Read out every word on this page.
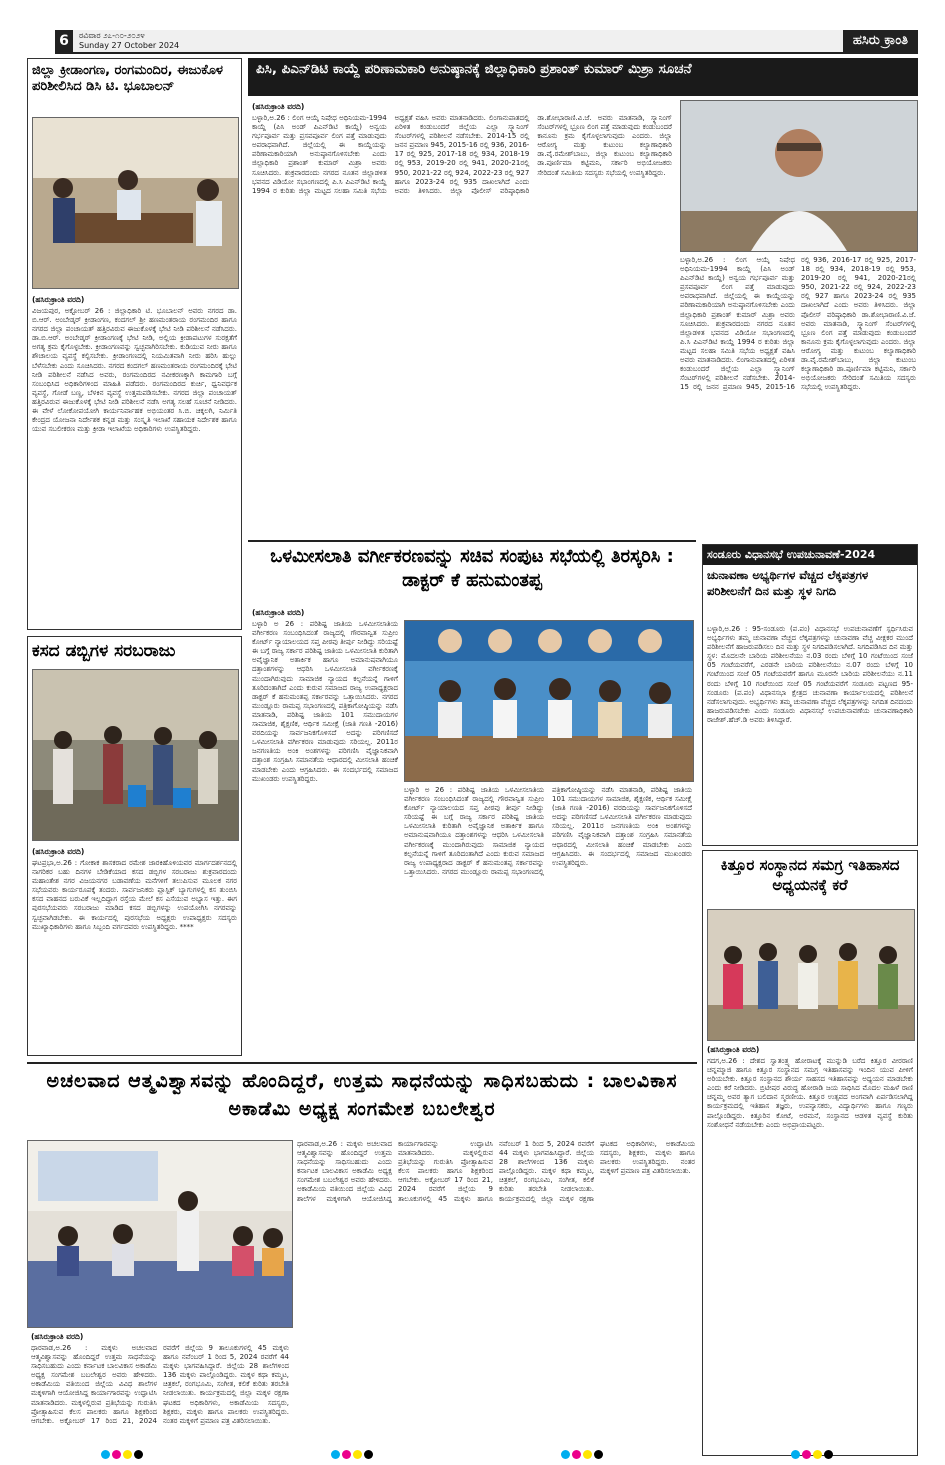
6	ರವಿವಾರ ೨೭-೧೦-೨೦೨೪
Sunday 27 October 2024	ಹಸಿರು ಕ್ರಾಂತಿ
ಜಿಲ್ಲಾ ಕ್ರೀಡಾಂಗಣ, ರಂಗಮಂದಿರ, ಈಜುಕೊಳ ಪರಿಶೀಲಿಸಿದ ಡಿಸಿ ಟಿ. ಭೂಬಾಲನ್
(ಹಸಿರುಕ್ರಾಂತಿ ವರದಿ)
ವಿಜಯಪುರ, ಅಕ್ಟೋಬರ್ 26 : ಜಿಲ್ಲಾಧಿಕಾರಿ ಟಿ. ಭೂಬಾಲನ್ ಅವರು ನಗರದ ಡಾ. ಬಿ.ಆರ್. ಅಂಬೇಡ್ಕರ್ ಕ್ರೀಡಾಂಗಣ, ಕಂದಗಲ್ ಶ್ರೀ ಹಣಮಂತರಾಯ ರಂಗಮಂದಿರ ಹಾಗೂ ನಗರದ ಜಿಲ್ಲಾ ಪಂಚಾಯತ್ ಹತ್ತಿರವಿರುವ ಈಜುಕೊಳಕ್ಕೆ ಭೇಟಿ ನೀಡಿ ಪರಿಶೀಲನೆ ನಡೆಸಿದರು. ಡಾ.ಬಿ.ಆರ್. ಅಂಬೇಡ್ಕರ್ ಕ್ರೀಡಾಂಗಣಕ್ಕೆ ಭೇಟಿ ನೀಡಿ, ಅಲ್ಲಿಯ ಕ್ರೀಡಾಪಟುಗಳ ಸುರಕ್ಷತೆಗೆ ಅಗತ್ಯ ಕ್ರಮ ಕೈಗೊಳ್ಳಬೇಕು. ಕ್ರೀಡಾಂಗಣವನ್ನು ಸ್ವಚ್ಛವಾಗಿರಿಸಬೇಕು. ಕುಡಿಯುವ ನೀರು ಹಾಗೂ ಶೌಚಾಲಯ ವ್ಯವಸ್ಥೆ ಕಲ್ಪಿಸಬೇಕು. ಕ್ರೀಡಾಂಗಣದಲ್ಲಿ ನಿಯಮಿತವಾಗಿ ನೀರು ಹರಿಸಿ ಹುಲ್ಲು ಬೆಳೆಸಬೇಕು ಎಂದು ಸೂಚಿಸಿದರು. ನಗರದ ಕಂದಗಲ್ ಹಣಮಂತರಾಯ ರಂಗಮಂದಿರಕ್ಕೆ ಭೇಟಿ ನೀಡಿ ಪರಿಶೀಲನೆ ನಡೆಸಿದ ಅವರು, ರಂಗಮಂದಿರದ ನವೀಕರಣಕ್ಕಾಗಿ ಕಾಮಗಾರಿ ಬಗ್ಗೆ ಸಂಬಂಧಿಸಿದ ಅಧಿಕಾರಿಗಳಿಂದ ಮಾಹಿತಿ ಪಡೆದರು. ರಂಗಮಂದಿರದ ಕುರ್ಚಿ, ಧ್ವನಿವರ್ಧಕ ವ್ಯವಸ್ಥೆ, ಗೋಡೆ ಬಣ್ಣ, ಬೆಳಕಿನ ವ್ಯವಸ್ಥೆ ಉತ್ತಮಪಡಿಸಬೇಕು. ನಗರದ ಜಿಲ್ಲಾ ಪಂಚಾಯತ್ ಹತ್ತಿರವಿರುವ ಈಜುಕೊಳಕ್ಕೆ ಭೇಟಿ ನೀಡಿ ಪರಿಶೀಲನೆ ನಡೆಸಿ ಅಗತ್ಯ ಸಲಹೆ ಸೂಚನೆ ನೀಡಿದರು. ಈ ವೇಳೆ ಲೋಕೋಪಯೋಗಿ ಕಾರ್ಯನಿರ್ವಾಹಕ ಅಭಿಯಂತರ ಸಿ.ಬಿ. ಚಿಕ್ಕಲಗಿ, ನಿರ್ಮಿತಿ ಕೇಂದ್ರದ ಯೋಜನಾ ನಿರ್ದೇಶಕ ಕನ್ನಡ ಮತ್ತು ಸಂಸ್ಕೃತಿ ಇಲಾಖೆ ಸಹಾಯಕ ನಿರ್ದೇಶಕ ಹಾಗೂ ಯುವ ಸಬಲೀಕರಣ ಮತ್ತು ಕ್ರೀಡಾ ಇಲಾಖೆಯ ಅಧಿಕಾರಿಗಳು ಉಪಸ್ಥಿತರಿದ್ದರು.
ಕಸದ ಡಬ್ಬಿಗಳ ಸರಬರಾಜು
(ಹಸಿರುಕ್ರಾಂತಿ ವರದಿ)
ಘಟಪ್ರಭಾ,ಅ.26 : ಗೋಕಾಕ ಶಾಸಕರಾದ ರಮೇಶ ಜಾರಕಿಹೊಳಿಯವರ ಮಾರ್ಗದರ್ಶನದಲ್ಲಿ ನಾಗರಿಕರ ಬಹು ದಿನಗಳ ಬೇಡಿಕೆಯಾದ ಕಸದ ಡಬ್ಬಿಗಳ ಸರಬರಾಜು ಶುಕ್ರವಾರದಂದು ಮಹಾಂತೇಶ ನಗರ ವಿಜಯನಗರ ಬಡಾವಣೆಯ ಮನೆಗಳಿಗೆ ತಲುಪಿಸುವ ಮೂಲಕ ನಗರ ಸಭೆಯವರು ಕಾರ್ಯರೂಪಕ್ಕೆ ತಂದರು. ಸಾರ್ವಜನಿಕರು ಪ್ಲಾಸ್ಟಿಕ್ ಬ್ಯಾಗುಗಳಲ್ಲಿ ಕಸ ತುಂಬಿಸಿ ಕಸದ ವಾಹನದ ಬರುವಿಕೆ ಇಲ್ಲದಿದ್ದಾಗ ರಸ್ತೆಯ ಮೇಲೆ ಕಸ ಎಸೆಯುವ ಅಭ್ಯಾಸ ಇತ್ತು. ಈಗ ಪುರಸಭೆಯವರು ಸರಬರಾಜು ಮಾಡಿದ ಕಸದ ಡಬ್ಬಿಗಳನ್ನು ಉಪಯೋಗಿಸಿ ನಗರವನ್ನು ಸ್ವಚ್ಛವಾಗಿಡಬೇಕು. ಈ ಕಾರ್ಯದಲ್ಲಿ ಪುರಸಭೆಯ ಅಧ್ಯಕ್ಷರು ಉಪಾಧ್ಯಕ್ಷರು ಸದಸ್ಯರು ಮುಖ್ಯಾಧಿಕಾರಿಗಳು ಹಾಗೂ ಸಿಬ್ಬಂದಿ ವರ್ಗದವರು ಉಪಸ್ಥಿತರಿದ್ದರು. ****
ಪಿಸಿ, ಪಿಎನ್‌ಡಿಟಿ ಕಾಯ್ದೆ ಪರಿಣಾಮಕಾರಿ ಅನುಷ್ಠಾನಕ್ಕೆ ಜಿಲ್ಲಾಧಿಕಾರಿ ಪ್ರಶಾಂತ್ ಕುಮಾರ್ ಮಿಶ್ರಾ ಸೂಚನೆ
(ಹಸಿರುಕ್ರಾಂತಿ ವರದಿ)
ಬಳ್ಳಾರಿ,ಅ.26 : ಲಿಂಗ ಆಯ್ಕೆ ನಿಷೇಧ ಅಧಿನಿಯಮ-1994 ಕಾಯ್ದೆ (ಪಿಸಿ ಅಂಡ್ ಪಿಎನ್‌ಡಿಟಿ ಕಾಯ್ದೆ) ಅನ್ವಯ ಗರ್ಭಪೂರ್ವ ಮತ್ತು ಪ್ರಸವಪೂರ್ವ ಲಿಂಗ ಪತ್ತೆ ಮಾಡುವುದು ಅಪರಾಧವಾಗಿದೆ. ಜಿಲ್ಲೆಯಲ್ಲಿ ಈ ಕಾಯ್ದೆಯನ್ನು ಪರಿಣಾಮಕಾರಿಯಾಗಿ ಅನುಷ್ಠಾನಗೊಳಿಸಬೇಕು ಎಂದು ಜಿಲ್ಲಾಧಿಕಾರಿ ಪ್ರಶಾಂತ್ ಕುಮಾರ್ ಮಿಶ್ರಾ ಅವರು ಸೂಚಿಸಿದರು. ಶುಕ್ರವಾರದಂದು ನಗರದ ನೂತನ ಜಿಲ್ಲಾಡಳಿತ ಭವನದ ವಿಡಿಯೋ ಸಭಾಂಗಣದಲ್ಲಿ ಪಿ.ಸಿ ಪಿಎನ್‌ಡಿಟಿ ಕಾಯ್ದೆ 1994 ರ ಕುರಿತು ಜಿಲ್ಲಾ ಮಟ್ಟದ ಸಲಹಾ ಸಮಿತಿ ಸಭೆಯ ಅಧ್ಯಕ್ಷತೆ ವಹಿಸಿ ಅವರು ಮಾತನಾಡಿದರು. ಲಿಂಗಾನುಪಾತದಲ್ಲಿ ಏರಿಳಿತ ಕಂಡುಬಂದರೆ ಜಿಲ್ಲೆಯ ಎಲ್ಲಾ ಸ್ಕ್ಯಾನಿಂಗ್ ಸೆಂಟರ್‌ಗಳಲ್ಲಿ ಪರಿಶೀಲನೆ ನಡೆಸಬೇಕು. 2014-15 ರಲ್ಲಿ ಜನನ ಪ್ರಮಾಣ 945, 2015-16 ರಲ್ಲಿ 936, 2016-17 ರಲ್ಲಿ 925, 2017-18 ರಲ್ಲಿ 934, 2018-19 ರಲ್ಲಿ 953, 2019-20 ರಲ್ಲಿ 941, 2020-21ರಲ್ಲಿ 950, 2021-22 ರಲ್ಲಿ 924, 2022-23 ರಲ್ಲಿ 927 ಹಾಗೂ 2023-24 ರಲ್ಲಿ 935 ದಾಖಲಾಗಿದೆ ಎಂದು ಅವರು ತಿಳಿಸಿದರು. ಜಿಲ್ಲಾ ಪೊಲೀಸ್ ವರಿಷ್ಠಾಧಿಕಾರಿ ಡಾ.ಶೋಭಾರಾಣಿ.ವಿ.ಜೆ. ಅವರು ಮಾತನಾಡಿ, ಸ್ಕ್ಯಾನಿಂಗ್ ಸೆಂಟರ್‌ಗಳಲ್ಲಿ ಭ್ರೂಣ ಲಿಂಗ ಪತ್ತೆ ಮಾಡುವುದು ಕಂಡುಬಂದರೆ ಕಾನೂನು ಕ್ರಮ ಕೈಗೊಳ್ಳಲಾಗುವುದು ಎಂದರು. ಜಿಲ್ಲಾ ಆರೋಗ್ಯ ಮತ್ತು ಕುಟುಂಬ ಕಲ್ಯಾಣಾಧಿಕಾರಿ ಡಾ.ವೈ.ರಮೇಶ್‌ಬಾಬು, ಜಿಲ್ಲಾ ಕುಟುಂಬ ಕಲ್ಯಾಣಾಧಿಕಾರಿ ಡಾ.ಪೂರ್ಣಿಮಾ ಕಟ್ಟಿಮನಿ, ಸರ್ಕಾರಿ ಅಭಿಯೋಜಕರು ಸೇರಿದಂತೆ ಸಮಿತಿಯ ಸದಸ್ಯರು ಸಭೆಯಲ್ಲಿ ಉಪಸ್ಥಿತರಿದ್ದರು.
ಬಳ್ಳಾರಿ,ಅ.26 : ಲಿಂಗ ಆಯ್ಕೆ ನಿಷೇಧ ಅಧಿನಿಯಮ-1994 ಕಾಯ್ದೆ (ಪಿಸಿ ಅಂಡ್ ಪಿಎನ್‌ಡಿಟಿ ಕಾಯ್ದೆ) ಅನ್ವಯ ಗರ್ಭಪೂರ್ವ ಮತ್ತು ಪ್ರಸವಪೂರ್ವ ಲಿಂಗ ಪತ್ತೆ ಮಾಡುವುದು ಅಪರಾಧವಾಗಿದೆ. ಜಿಲ್ಲೆಯಲ್ಲಿ ಈ ಕಾಯ್ದೆಯನ್ನು ಪರಿಣಾಮಕಾರಿಯಾಗಿ ಅನುಷ್ಠಾನಗೊಳಿಸಬೇಕು ಎಂದು ಜಿಲ್ಲಾಧಿಕಾರಿ ಪ್ರಶಾಂತ್ ಕುಮಾರ್ ಮಿಶ್ರಾ ಅವರು ಸೂಚಿಸಿದರು. ಶುಕ್ರವಾರದಂದು ನಗರದ ನೂತನ ಜಿಲ್ಲಾಡಳಿತ ಭವನದ ವಿಡಿಯೋ ಸಭಾಂಗಣದಲ್ಲಿ ಪಿ.ಸಿ ಪಿಎನ್‌ಡಿಟಿ ಕಾಯ್ದೆ 1994 ರ ಕುರಿತು ಜಿಲ್ಲಾ ಮಟ್ಟದ ಸಲಹಾ ಸಮಿತಿ ಸಭೆಯ ಅಧ್ಯಕ್ಷತೆ ವಹಿಸಿ ಅವರು ಮಾತನಾಡಿದರು. ಲಿಂಗಾನುಪಾತದಲ್ಲಿ ಏರಿಳಿತ ಕಂಡುಬಂದರೆ ಜಿಲ್ಲೆಯ ಎಲ್ಲಾ ಸ್ಕ್ಯಾನಿಂಗ್ ಸೆಂಟರ್‌ಗಳಲ್ಲಿ ಪರಿಶೀಲನೆ ನಡೆಸಬೇಕು. 2014-15 ರಲ್ಲಿ ಜನನ ಪ್ರಮಾಣ 945, 2015-16 ರಲ್ಲಿ 936, 2016-17 ರಲ್ಲಿ 925, 2017-18 ರಲ್ಲಿ 934, 2018-19 ರಲ್ಲಿ 953, 2019-20 ರಲ್ಲಿ 941, 2020-21ರಲ್ಲಿ 950, 2021-22 ರಲ್ಲಿ 924, 2022-23 ರಲ್ಲಿ 927 ಹಾಗೂ 2023-24 ರಲ್ಲಿ 935 ದಾಖಲಾಗಿದೆ ಎಂದು ಅವರು ತಿಳಿಸಿದರು. ಜಿಲ್ಲಾ ಪೊಲೀಸ್ ವರಿಷ್ಠಾಧಿಕಾರಿ ಡಾ.ಶೋಭಾರಾಣಿ.ವಿ.ಜೆ. ಅವರು ಮಾತನಾಡಿ, ಸ್ಕ್ಯಾನಿಂಗ್ ಸೆಂಟರ್‌ಗಳಲ್ಲಿ ಭ್ರೂಣ ಲಿಂಗ ಪತ್ತೆ ಮಾಡುವುದು ಕಂಡುಬಂದರೆ ಕಾನೂನು ಕ್ರಮ ಕೈಗೊಳ್ಳಲಾಗುವುದು ಎಂದರು. ಜಿಲ್ಲಾ ಆರೋಗ್ಯ ಮತ್ತು ಕುಟುಂಬ ಕಲ್ಯಾಣಾಧಿಕಾರಿ ಡಾ.ವೈ.ರಮೇಶ್‌ಬಾಬು, ಜಿಲ್ಲಾ ಕುಟುಂಬ ಕಲ್ಯಾಣಾಧಿಕಾರಿ ಡಾ.ಪೂರ್ಣಿಮಾ ಕಟ್ಟಿಮನಿ, ಸರ್ಕಾರಿ ಅಭಿಯೋಜಕರು ಸೇರಿದಂತೆ ಸಮಿತಿಯ ಸದಸ್ಯರು ಸಭೆಯಲ್ಲಿ ಉಪಸ್ಥಿತರಿದ್ದರು.
ಒಳಮೀಸಲಾತಿ ವರ್ಗೀಕರಣವನ್ನು ಸಚಿವ ಸಂಪುಟ ಸಭೆಯಲ್ಲಿ ತಿರಸ್ಕರಿಸಿ : ಡಾಕ್ಟರ್ ಕೆ ಹನುಮಂತಪ್ಪ
(ಹಸಿರುಕ್ರಾಂತಿ ವರದಿ)
ಬಳ್ಳಾರಿ ಅ 26 : ಪರಿಶಿಷ್ಟ ಜಾತಿಯ ಒಳಮೀಸಲಾತಿಯ ವರ್ಗೀಕರಣ ಸಂಬಂಧಿಸಿದಂತೆ ರಾಜ್ಯದಲ್ಲಿ ಗೌರವಾನ್ವಿತ ಸುಪ್ರೀಂ ಕೋರ್ಟ್ ನ್ಯಾಯಾಲಯದ ಸಪ್ತ ಪೀಠವು ತೀರ್ಪು ನೀಡಿದ್ದು ಸರಿಯಷ್ಟೆ ಈ ಬಗ್ಗೆ ರಾಜ್ಯ ಸರ್ಕಾರ ಪರಿಶಿಷ್ಟ ಜಾತಿಯ ಒಳಮೀಸಲಾತಿ ಕುರಿತಾಗಿ ಅವೈಜ್ಞಾನಿಕ ಅತಾರ್ಕಿಕ ಹಾಗೂ ಅಮಾನುಷವಾಗಿಯೂ ದತ್ತಾಂಶಗಳನ್ನು ಆಧರಿಸಿ ಒಳಮೀಸಲಾತಿ ವರ್ಗೀಕರಣಕ್ಕೆ ಮುಂದಾಗಿರುವುದು ಸಾಮಾಜಿಕ ನ್ಯಾಯದ ಕಲ್ಪನೆಯನ್ನೆ ಗಾಳಿಗೆ ತೂರಿದಂತಾಗಿದೆ ಎಂದು ಕುರುವ ಸಮಾಜದ ರಾಜ್ಯ ಉಪಾಧ್ಯಕ್ಷರಾದ ಡಾಕ್ಟರ್ ಕೆ ಹನುಮಂತಪ್ಪ ಸರ್ಕಾರವನ್ನು ಒತ್ತಾಯಿಸಿದರು. ನಗರದ ಮುಂಡ್ಲೂರು ರಾಮಪ್ಪ ಸಭಾಂಗಣದಲ್ಲಿ ಪತ್ರಿಕಾಗೋಷ್ಠಿಯನ್ನು ನಡೆಸಿ ಮಾತನಾಡಿ, ಪರಿಶಿಷ್ಟ ಜಾತಿಯ 101 ಸಮುದಾಯಗಳ ಸಾಮಾಜಿಕ, ಶೈಕ್ಷಣಿಕ, ಆರ್ಥಿಕ ಸಮೀಕ್ಷೆ (ಜಾತಿ ಗಣತಿ -2016) ವರದಿಯನ್ನು ಸಾರ್ವಜನಿಕಗೊಳಿಸದೆ ಅದನ್ನು ಪರಿಗಣಿಸದೆ ಒಳಮೀಸಲಾತಿ ವರ್ಗೀಕರಣ ಮಾಡುವುದು ಸರಿಯಲ್ಲ. 2011ರ ಜನಗಣತಿಯ ಅಂಕಿ ಅಂಶಗಳನ್ನು ಪರಿಗಣಿಸಿ ವೈಜ್ಞಾನಿಕವಾಗಿ ದತ್ತಾಂಶ ಸಂಗ್ರಹಿಸಿ ಸಮಾನತೆಯ ಆಧಾರದಲ್ಲಿ ಮೀಸಲಾತಿ ಹಂಚಿಕೆ ಮಾಡಬೇಕು ಎಂದು ಆಗ್ರಹಿಸಿದರು. ಈ ಸಂದರ್ಭದಲ್ಲಿ ಸಮಾಜದ ಮುಖಂಡರು ಉಪಸ್ಥಿತರಿದ್ದರು.
ಬಳ್ಳಾರಿ ಅ 26 : ಪರಿಶಿಷ್ಟ ಜಾತಿಯ ಒಳಮೀಸಲಾತಿಯ ವರ್ಗೀಕರಣ ಸಂಬಂಧಿಸಿದಂತೆ ರಾಜ್ಯದಲ್ಲಿ ಗೌರವಾನ್ವಿತ ಸುಪ್ರೀಂ ಕೋರ್ಟ್ ನ್ಯಾಯಾಲಯದ ಸಪ್ತ ಪೀಠವು ತೀರ್ಪು ನೀಡಿದ್ದು ಸರಿಯಷ್ಟೆ ಈ ಬಗ್ಗೆ ರಾಜ್ಯ ಸರ್ಕಾರ ಪರಿಶಿಷ್ಟ ಜಾತಿಯ ಒಳಮೀಸಲಾತಿ ಕುರಿತಾಗಿ ಅವೈಜ್ಞಾನಿಕ ಅತಾರ್ಕಿಕ ಹಾಗೂ ಅಮಾನುಷವಾಗಿಯೂ ದತ್ತಾಂಶಗಳನ್ನು ಆಧರಿಸಿ ಒಳಮೀಸಲಾತಿ ವರ್ಗೀಕರಣಕ್ಕೆ ಮುಂದಾಗಿರುವುದು ಸಾಮಾಜಿಕ ನ್ಯಾಯದ ಕಲ್ಪನೆಯನ್ನೆ ಗಾಳಿಗೆ ತೂರಿದಂತಾಗಿದೆ ಎಂದು ಕುರುವ ಸಮಾಜದ ರಾಜ್ಯ ಉಪಾಧ್ಯಕ್ಷರಾದ ಡಾಕ್ಟರ್ ಕೆ ಹನುಮಂತಪ್ಪ ಸರ್ಕಾರವನ್ನು ಒತ್ತಾಯಿಸಿದರು. ನಗರದ ಮುಂಡ್ಲೂರು ರಾಮಪ್ಪ ಸಭಾಂಗಣದಲ್ಲಿ ಪತ್ರಿಕಾಗೋಷ್ಠಿಯನ್ನು ನಡೆಸಿ ಮಾತನಾಡಿ, ಪರಿಶಿಷ್ಟ ಜಾತಿಯ 101 ಸಮುದಾಯಗಳ ಸಾಮಾಜಿಕ, ಶೈಕ್ಷಣಿಕ, ಆರ್ಥಿಕ ಸಮೀಕ್ಷೆ (ಜಾತಿ ಗಣತಿ -2016) ವರದಿಯನ್ನು ಸಾರ್ವಜನಿಕಗೊಳಿಸದೆ ಅದನ್ನು ಪರಿಗಣಿಸದೆ ಒಳಮೀಸಲಾತಿ ವರ್ಗೀಕರಣ ಮಾಡುವುದು ಸರಿಯಲ್ಲ. 2011ರ ಜನಗಣತಿಯ ಅಂಕಿ ಅಂಶಗಳನ್ನು ಪರಿಗಣಿಸಿ ವೈಜ್ಞಾನಿಕವಾಗಿ ದತ್ತಾಂಶ ಸಂಗ್ರಹಿಸಿ ಸಮಾನತೆಯ ಆಧಾರದಲ್ಲಿ ಮೀಸಲಾತಿ ಹಂಚಿಕೆ ಮಾಡಬೇಕು ಎಂದು ಆಗ್ರಹಿಸಿದರು. ಈ ಸಂದರ್ಭದಲ್ಲಿ ಸಮಾಜದ ಮುಖಂಡರು ಉಪಸ್ಥಿತರಿದ್ದರು.
ಸಂಡೂರು ವಿಧಾನಸಭೆ ಉಪಚುನಾವಣೆ-2024
ಚುನಾವಣಾ ಅಭ್ಯರ್ಥಿಗಳ ವೆಚ್ಚದ ಲೆಕ್ಕಪತ್ರಗಳ ಪರಿಶೀಲನೆಗೆ ದಿನ ಮತ್ತು ಸ್ಥಳ ನಿಗದಿ
ಬಳ್ಳಾರಿ,ಅ.26 : 95-ಸಂಡೂರು (ಪ.ಪಂ) ವಿಧಾನಸಭೆ ಉಪಚುನಾವಣೆಗೆ ಸ್ಪರ್ಧಿಸಿರುವ ಅಭ್ಯರ್ಥಿಗಳು ತಮ್ಮ ಚುನಾವಣಾ ವೆಚ್ಚದ ಲೆಕ್ಕಪತ್ರಗಳನ್ನು ಚುನಾವಣಾ ವೆಚ್ಚ ವೀಕ್ಷಕರ ಮುಂದೆ ಪರಿಶೀಲನೆಗೆ ಹಾಜರುಪಡಿಸಲು ದಿನ ಮತ್ತು ಸ್ಥಳ ನಿಗದಿಪಡಿಸಲಾಗಿದೆ. ನಿಗದಿಪಡಿಸಿದ ದಿನ ಮತ್ತು ಸ್ಥಳ: ಮೊದಲನೇ ಬಾರಿಯ ಪರಿಶೀಲನೆಯು ನ.03 ರಂದು ಬೆಳಿಗ್ಗೆ 10 ಗಂಟೆಯಿಂದ ಸಂಜೆ 05 ಗಂಟೆಯವರೆಗೆ, ಎರಡನೇ ಬಾರಿಯ ಪರಿಶೀಲನೆಯು ನ.07 ರಂದು ಬೆಳಿಗ್ಗೆ 10 ಗಂಟೆಯಿಂದ ಸಂಜೆ 05 ಗಂಟೆಯವರೆಗೆ ಹಾಗೂ ಮೂರನೇ ಬಾರಿಯ ಪರಿಶೀಲನೆಯು ನ.11 ರಂದು ಬೆಳಿಗ್ಗೆ 10 ಗಂಟೆಯಿಂದ ಸಂಜೆ 05 ಗಂಟೆಯವರೆಗೆ ಸಂಡೂರು ಪಟ್ಟಣದ 95-ಸಂಡೂರು (ಪ.ಪಂ) ವಿಧಾನಸಭಾ ಕ್ಷೇತ್ರದ ಚುನಾವಣಾ ಕಾರ್ಯಾಲಯದಲ್ಲಿ ಪರಿಶೀಲನೆ ನಡೆಸಲಾಗುವುದು. ಅಭ್ಯರ್ಥಿಗಳು ತಮ್ಮ ಚುನಾವಣಾ ವೆಚ್ಚದ ಲೆಕ್ಕಪತ್ರಗಳನ್ನು ನಿಗದಿತ ದಿನದಂದು ಹಾಜರುಪಡಿಸಬೇಕು ಎಂದು ಸಂಡೂರು ವಿಧಾನಸಭೆ ಉಪಚುನಾವಣೆಯ ಚುನಾವಣಾಧಿಕಾರಿ ರಾಜೇಶ್.ಹೆಚ್.ಡಿ ಅವರು ತಿಳಿಸಿದ್ದಾರೆ.
ಕಿತ್ತೂರ ಸಂಸ್ಥಾನದ ಸಮಗ್ರ ಇತಿಹಾಸದ ಅಧ್ಯಯನಕ್ಕೆ ಕರೆ
(ಹಸಿರುಕ್ರಾಂತಿ ವರದಿ)
ಗದಗ,ಅ.26 : ದೇಶದ ಸ್ವಾತಂತ್ರ್ಯ ಹೋರಾಟಕ್ಕೆ ಮುನ್ನುಡಿ ಬರೆದ ಕಿತ್ತೂರ ವೀರರಾಣಿ ಚನ್ನಮ್ಮಾಜಿ ಹಾಗೂ ಕಿತ್ತೂರ ಸಂಸ್ಥಾನದ ಸಮಗ್ರ ಇತಿಹಾಸವನ್ನು ಇಂದಿನ ಯುವ ಪೀಳಿಗೆ ಅರಿಯಬೇಕು. ಕಿತ್ತೂರ ಸಂಸ್ಥಾನದ ಶೌರ್ಯ ಸಾಹಸದ ಇತಿಹಾಸವನ್ನು ಅಧ್ಯಯನ ಮಾಡಬೇಕು ಎಂದು ಕರೆ ನೀಡಿದರು. ಬ್ರಿಟೀಷರ ವಿರುದ್ಧ ಹೋರಾಡಿ ಜಯ ಸಾಧಿಸಿದ ಮೊದಲ ಮಹಿಳೆ ರಾಣಿ ಚನ್ನಮ್ಮ ಅವರ ತ್ಯಾಗ ಬಲಿದಾನ ಸ್ಮರಣೀಯ. ಕಿತ್ತೂರ ಉತ್ಸವದ ಅಂಗವಾಗಿ ಏರ್ಪಡಿಸಲಾಗಿದ್ದ ಕಾರ್ಯಕ್ರಮದಲ್ಲಿ ಇತಿಹಾಸ ತಜ್ಞರು, ಉಪನ್ಯಾಸಕರು, ವಿದ್ಯಾರ್ಥಿಗಳು ಹಾಗೂ ಗಣ್ಯರು ಪಾಲ್ಗೊಂಡಿದ್ದರು. ಕಿತ್ತೂರಿನ ಕೋಟೆ, ಅರಮನೆ, ಸಂಸ್ಥಾನದ ಆಡಳಿತ ವ್ಯವಸ್ಥೆ ಕುರಿತು ಸಂಶೋಧನೆ ನಡೆಯಬೇಕು ಎಂದು ಅಭಿಪ್ರಾಯಪಟ್ಟರು.
ಅಚಲವಾದ ಆತ್ಮವಿಶ್ವಾಸವನ್ನು ಹೊಂದಿದ್ದರೆ, ಉತ್ತಮ ಸಾಧನೆಯನ್ನು ಸಾಧಿಸಬಹುದು : ಬಾಲವಿಕಾಸ ಅಕಾಡೆಮಿ ಅಧ್ಯಕ್ಷ ಸಂಗಮೇಶ ಬಬಲೇಶ್ವರ
(ಹಸಿರುಕ್ರಾಂತಿ ವರದಿ)
ಧಾರವಾಡ,ಅ.26 : ಮಕ್ಕಳು ಅಚಲವಾದ ಆತ್ಮವಿಶ್ವಾಸವನ್ನು ಹೊಂದಿದ್ದರೆ ಉತ್ತಮ ಸಾಧನೆಯನ್ನು ಸಾಧಿಸಬಹುದು ಎಂದು ಕರ್ನಾಟಕ ಬಾಲವಿಕಾಸ ಅಕಾಡೆಮಿ ಅಧ್ಯಕ್ಷ ಸಂಗಮೇಶ ಬಬಲೇಶ್ವರ ಅವರು ಹೇಳಿದರು. ಅಕಾಡೆಮಿಯ ವತಿಯಿಂದ ಜಿಲ್ಲೆಯ ವಿವಿಧ ಶಾಲೆಗಳ ಮಕ್ಕಳಿಗಾಗಿ ಆಯೋಜಿಸಿದ್ದ ಕಾರ್ಯಾಗಾರವನ್ನು ಉದ್ಘಾಟಿಸಿ ಮಾತನಾಡಿದರು. ಮಕ್ಕಳಲ್ಲಿರುವ ಪ್ರತಿಭೆಯನ್ನು ಗುರುತಿಸಿ ಪ್ರೋತ್ಸಾಹಿಸುವ ಕೆಲಸ ಪಾಲಕರು ಹಾಗೂ ಶಿಕ್ಷಕರಿಂದ ಆಗಬೇಕು. ಅಕ್ಟೋಬರ್ 17 ರಿಂದ 21, 2024 ರವರೆಗೆ ಜಿಲ್ಲೆಯ 9 ತಾಲೂಕುಗಳಲ್ಲಿ 45 ಮಕ್ಕಳು ಹಾಗೂ ನವೆಂಬರ್ 1 ರಿಂದ 5, 2024 ರವರೆಗೆ 44 ಮಕ್ಕಳು ಭಾಗವಹಿಸಿದ್ದಾರೆ. ಜಿಲ್ಲೆಯ 28 ಶಾಲೆಗಳಿಂದ 136 ಮಕ್ಕಳು ಪಾಲ್ಗೊಂಡಿದ್ದರು. ಮಕ್ಕಳ ಕಥಾ ಕಮ್ಮಟ, ಚಿತ್ರಕಲೆ, ರಂಗಭೂಮಿ, ಸಂಗೀತ, ಕಲಿಕೆ ಕುರಿತು ತರಬೇತಿ ನೀಡಲಾಯಿತು. ಕಾರ್ಯಕ್ರಮದಲ್ಲಿ ಜಿಲ್ಲಾ ಮಕ್ಕಳ ರಕ್ಷಣಾ ಘಟಕದ ಅಧಿಕಾರಿಗಳು, ಅಕಾಡೆಮಿಯ ಸದಸ್ಯರು, ಶಿಕ್ಷಕರು, ಮಕ್ಕಳು ಹಾಗೂ ಪಾಲಕರು ಉಪಸ್ಥಿತರಿದ್ದರು. ನಂತರ ಮಕ್ಕಳಿಗೆ ಪ್ರಮಾಣ ಪತ್ರ ವಿತರಿಸಲಾಯಿತು.
ಧಾರವಾಡ,ಅ.26 : ಮಕ್ಕಳು ಅಚಲವಾದ ಆತ್ಮವಿಶ್ವಾಸವನ್ನು ಹೊಂದಿದ್ದರೆ ಉತ್ತಮ ಸಾಧನೆಯನ್ನು ಸಾಧಿಸಬಹುದು ಎಂದು ಕರ್ನಾಟಕ ಬಾಲವಿಕಾಸ ಅಕಾಡೆಮಿ ಅಧ್ಯಕ್ಷ ಸಂಗಮೇಶ ಬಬಲೇಶ್ವರ ಅವರು ಹೇಳಿದರು. ಅಕಾಡೆಮಿಯ ವತಿಯಿಂದ ಜಿಲ್ಲೆಯ ವಿವಿಧ ಶಾಲೆಗಳ ಮಕ್ಕಳಿಗಾಗಿ ಆಯೋಜಿಸಿದ್ದ ಕಾರ್ಯಾಗಾರವನ್ನು ಉದ್ಘಾಟಿಸಿ ಮಾತನಾಡಿದರು. ಮಕ್ಕಳಲ್ಲಿರುವ ಪ್ರತಿಭೆಯನ್ನು ಗುರುತಿಸಿ ಪ್ರೋತ್ಸಾಹಿಸುವ ಕೆಲಸ ಪಾಲಕರು ಹಾಗೂ ಶಿಕ್ಷಕರಿಂದ ಆಗಬೇಕು. ಅಕ್ಟೋಬರ್ 17 ರಿಂದ 21, 2024 ರವರೆಗೆ ಜಿಲ್ಲೆಯ 9 ತಾಲೂಕುಗಳಲ್ಲಿ 45 ಮಕ್ಕಳು ಹಾಗೂ ನವೆಂಬರ್ 1 ರಿಂದ 5, 2024 ರವರೆಗೆ 44 ಮಕ್ಕಳು ಭಾಗವಹಿಸಿದ್ದಾರೆ. ಜಿಲ್ಲೆಯ 28 ಶಾಲೆಗಳಿಂದ 136 ಮಕ್ಕಳು ಪಾಲ್ಗೊಂಡಿದ್ದರು. ಮಕ್ಕಳ ಕಥಾ ಕಮ್ಮಟ, ಚಿತ್ರಕಲೆ, ರಂಗಭೂಮಿ, ಸಂಗೀತ, ಕಲಿಕೆ ಕುರಿತು ತರಬೇತಿ ನೀಡಲಾಯಿತು. ಕಾರ್ಯಕ್ರಮದಲ್ಲಿ ಜಿಲ್ಲಾ ಮಕ್ಕಳ ರಕ್ಷಣಾ ಘಟಕದ ಅಧಿಕಾರಿಗಳು, ಅಕಾಡೆಮಿಯ ಸದಸ್ಯರು, ಶಿಕ್ಷಕರು, ಮಕ್ಕಳು ಹಾಗೂ ಪಾಲಕರು ಉಪಸ್ಥಿತರಿದ್ದರು. ನಂತರ ಮಕ್ಕಳಿಗೆ ಪ್ರಮಾಣ ಪತ್ರ ವಿತರಿಸಲಾಯಿತು.
